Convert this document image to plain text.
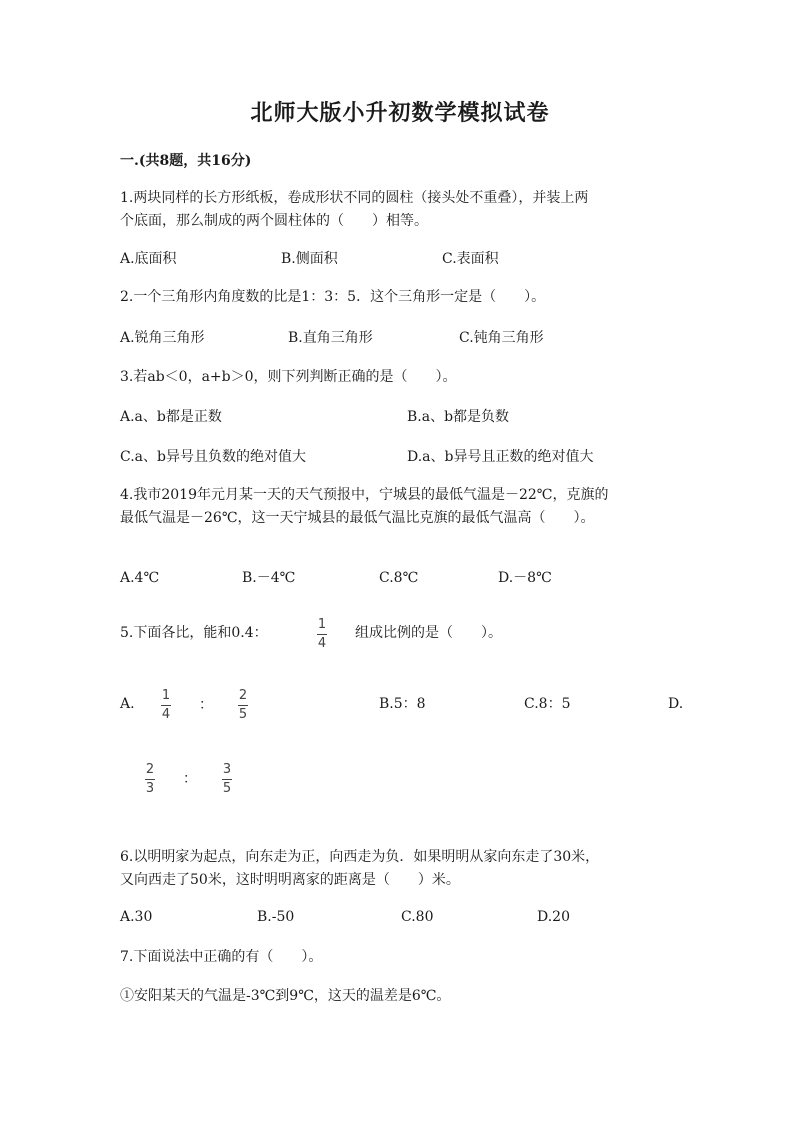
北师大版小升初数学模拟试卷
一.(共8题，共16分)
1.两块同样的长方形纸板，卷成形状不同的圆柱（接头处不重叠），并装上两
个底面，那么制成的两个圆柱体的（　　）相等。
A.底面积	B.侧面积	C.表面积
2.一个三角形内角度数的比是1：3：5．这个三角形一定是（　　）。
A.锐角三角形	B.直角三角形	C.钝角三角形
3.若ab＜0，a+b＞0，则下列判断正确的是（　　）。
A.a、b都是正数	B.a、b都是负数
C.a、b异号且负数的绝对值大	D.a、b异号且正数的绝对值大
4.我市2019年元月某一天的天气预报中，宁城县的最低气温是－22℃，克旗的
最低气温是－26℃，这一天宁城县的最低气温比克旗的最低气温高（　　）。
A.4℃	B.－4℃	C.8℃	D.－8℃
5.下面各比，能和0.4：
1
4
组成比例的是（　　）。
A.
1
4
：
2
5
B.5：8	C.8：5	D.
2
3
：
3
5
6.以明明家为起点，向东走为正，向西走为负．如果明明从家向东走了30米，
又向西走了50米，这时明明离家的距离是（　　）米。
A.30	B.-50	C.80	D.20
7.下面说法中正确的有（　　）。
①安阳某天的气温是-3℃到9℃，这天的温差是6℃。
